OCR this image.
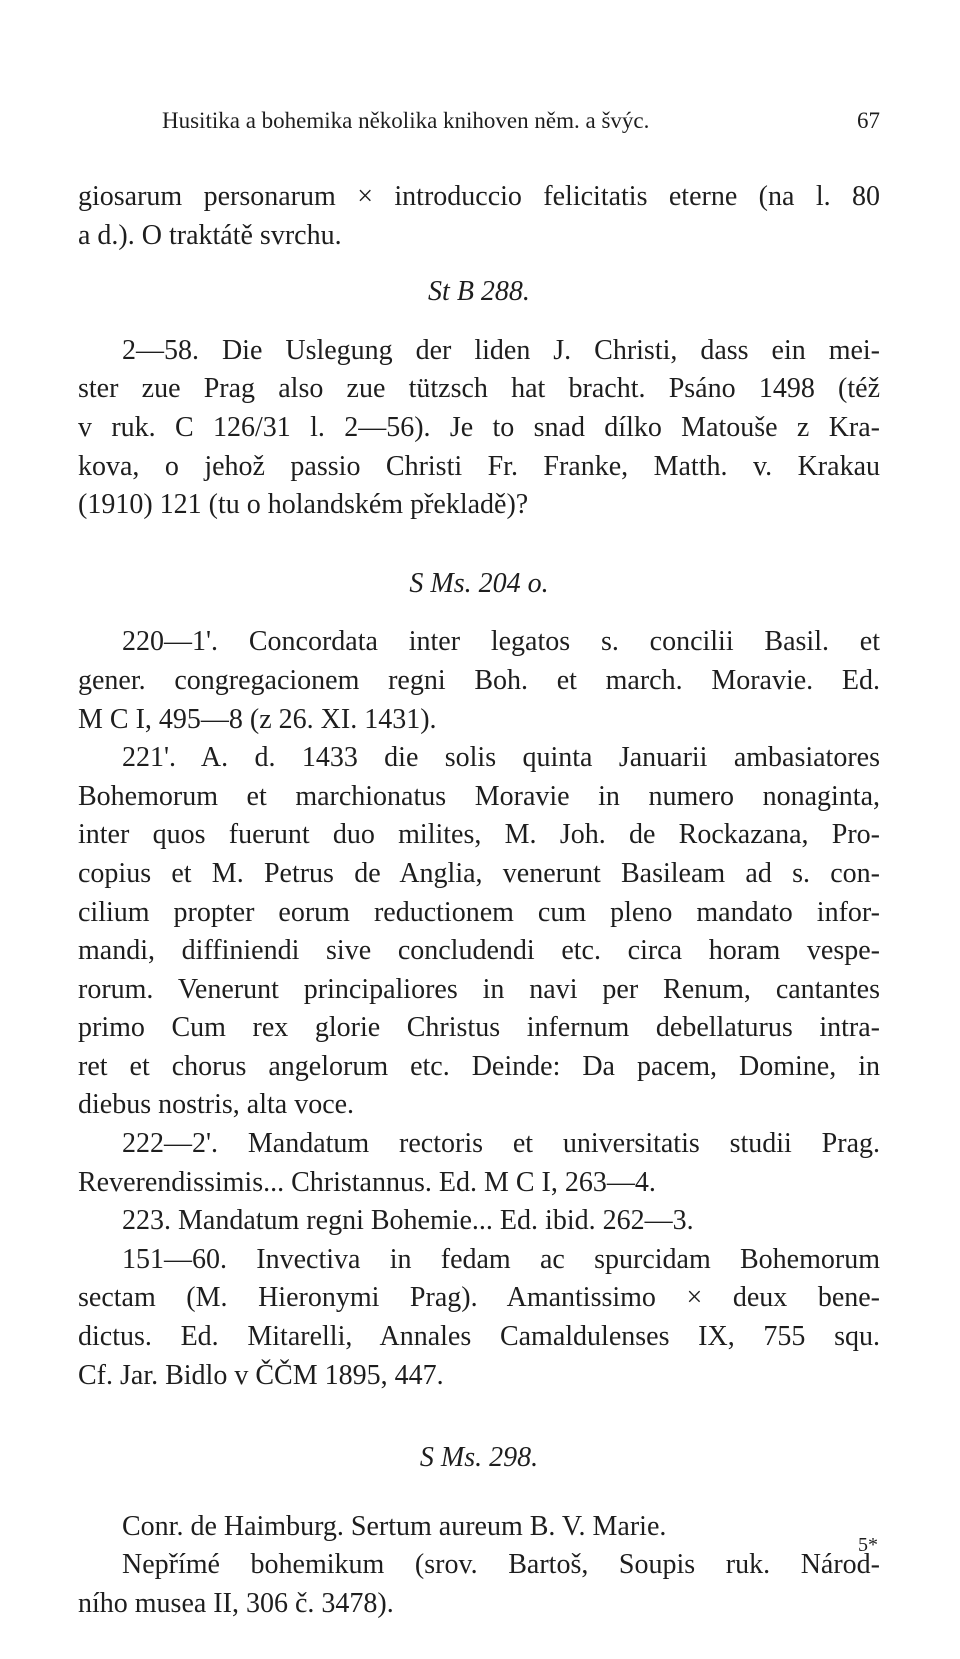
Husitika a bohemika několika knihoven něm. a švýc.	67
giosarum personarum × introduccio felicitatis eterne (na l. 80
a d.). O traktátě svrchu.
St B 288.
2—58. Die Uslegung der liden J. Christi, dass ein mei-
ster zue Prag also zue tützsch hat bracht. Psáno 1498 (též
v ruk. C 126/31 l. 2—56). Je to snad dílko Matouše z Kra-
kova, o jehož passio Christi Fr. Franke, Matth. v. Krakau
(1910) 121 (tu o holandském překladě)?
S Ms. 204 o.
220—1'. Concordata inter legatos s. concilii Basil. et
gener. congregacionem regni Boh. et march. Moravie. Ed.
M C I, 495—8 (z 26. XI. 1431).
221'. A. d. 1433 die solis quinta Januarii ambasiatores
Bohemorum et marchionatus Moravie in numero nonaginta,
inter quos fuerunt duo milites, M. Joh. de Rockazana, Pro-
copius et M. Petrus de Anglia, venerunt Basileam ad s. con-
cilium propter eorum reductionem cum pleno mandato infor-
mandi, diffiniendi sive concludendi etc. circa horam vespe-
rorum. Venerunt principaliores in navi per Renum, cantantes
primo Cum rex glorie Christus infernum debellaturus intra-
ret et chorus angelorum etc. Deinde: Da pacem, Domine, in
diebus nostris, alta voce.
222—2'. Mandatum rectoris et universitatis studii Prag.
Reverendissimis... Christannus. Ed. M C I, 263—4.
223. Mandatum regni Bohemie... Ed. ibid. 262—3.
151—60. Invectiva in fedam ac spurcidam Bohemorum
sectam (M. Hieronymi Prag). Amantissimo × deux bene-
dictus. Ed. Mitarelli, Annales Camaldulenses IX, 755 squ.
Cf. Jar. Bidlo v ČČM 1895, 447.
S Ms. 298.
Conr. de Haimburg. Sertum aureum B. V. Marie.
Nepřímé bohemikum (srov. Bartoš, Soupis ruk. Národ-
ního musea II, 306 č. 3478).
5*
